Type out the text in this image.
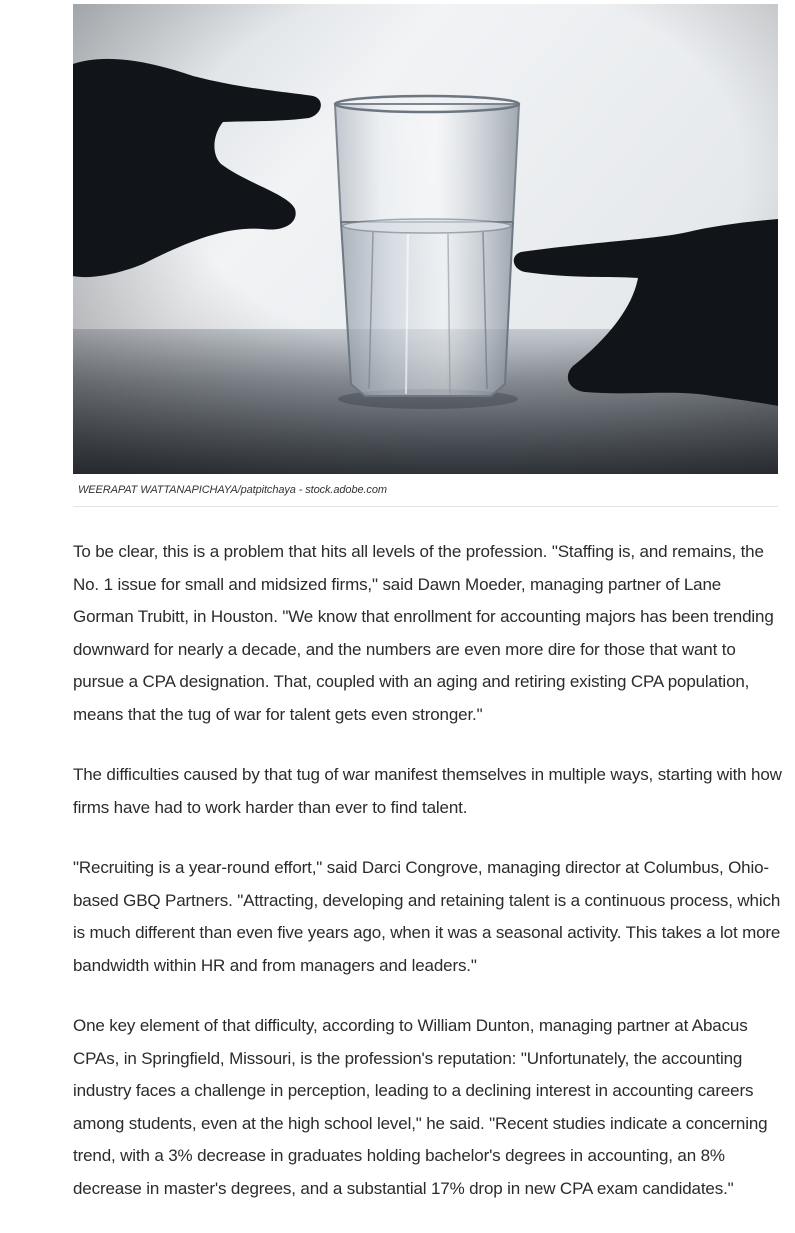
WEERAPAT WATTANAPICHAYA/patpitchaya - stock.adobe.com

To be clear, this is a problem that hits all levels of the profession. "Staffing is, and remains, the No. 1 issue for small and midsized firms," said Dawn Moeder, managing partner of Lane Gorman Trubitt, in Houston. "We know that enrollment for accounting majors has been trending downward for nearly a decade, and the numbers are even more dire for those that want to pursue a CPA designation. That, coupled with an aging and retiring existing CPA population, means that the tug of war for talent gets even stronger."

The difficulties caused by that tug of war manifest themselves in multiple ways, starting with how firms have had to work harder than ever to find talent.

"Recruiting is a year-round effort," said Darci Congrove, managing director at Columbus, Ohio-based GBQ Partners. "Attracting, developing and retaining talent is a continuous process, which is much different than even five years ago, when it was a seasonal activity. This takes a lot more bandwidth within HR and from managers and leaders."

One key element of that difficulty, according to William Dunton, managing partner at Abacus CPAs, in Springfield, Missouri, is the profession's reputation: "Unfortunately, the accounting industry faces a challenge in perception, leading to a declining interest in accounting careers among students, even at the high school level," he said. "Recent studies indicate a concerning trend, with a 3% decrease in graduates holding bachelor's degrees in accounting, an 8% decrease in master's degrees, and a substantial 17% drop in new CPA exam candidates."
